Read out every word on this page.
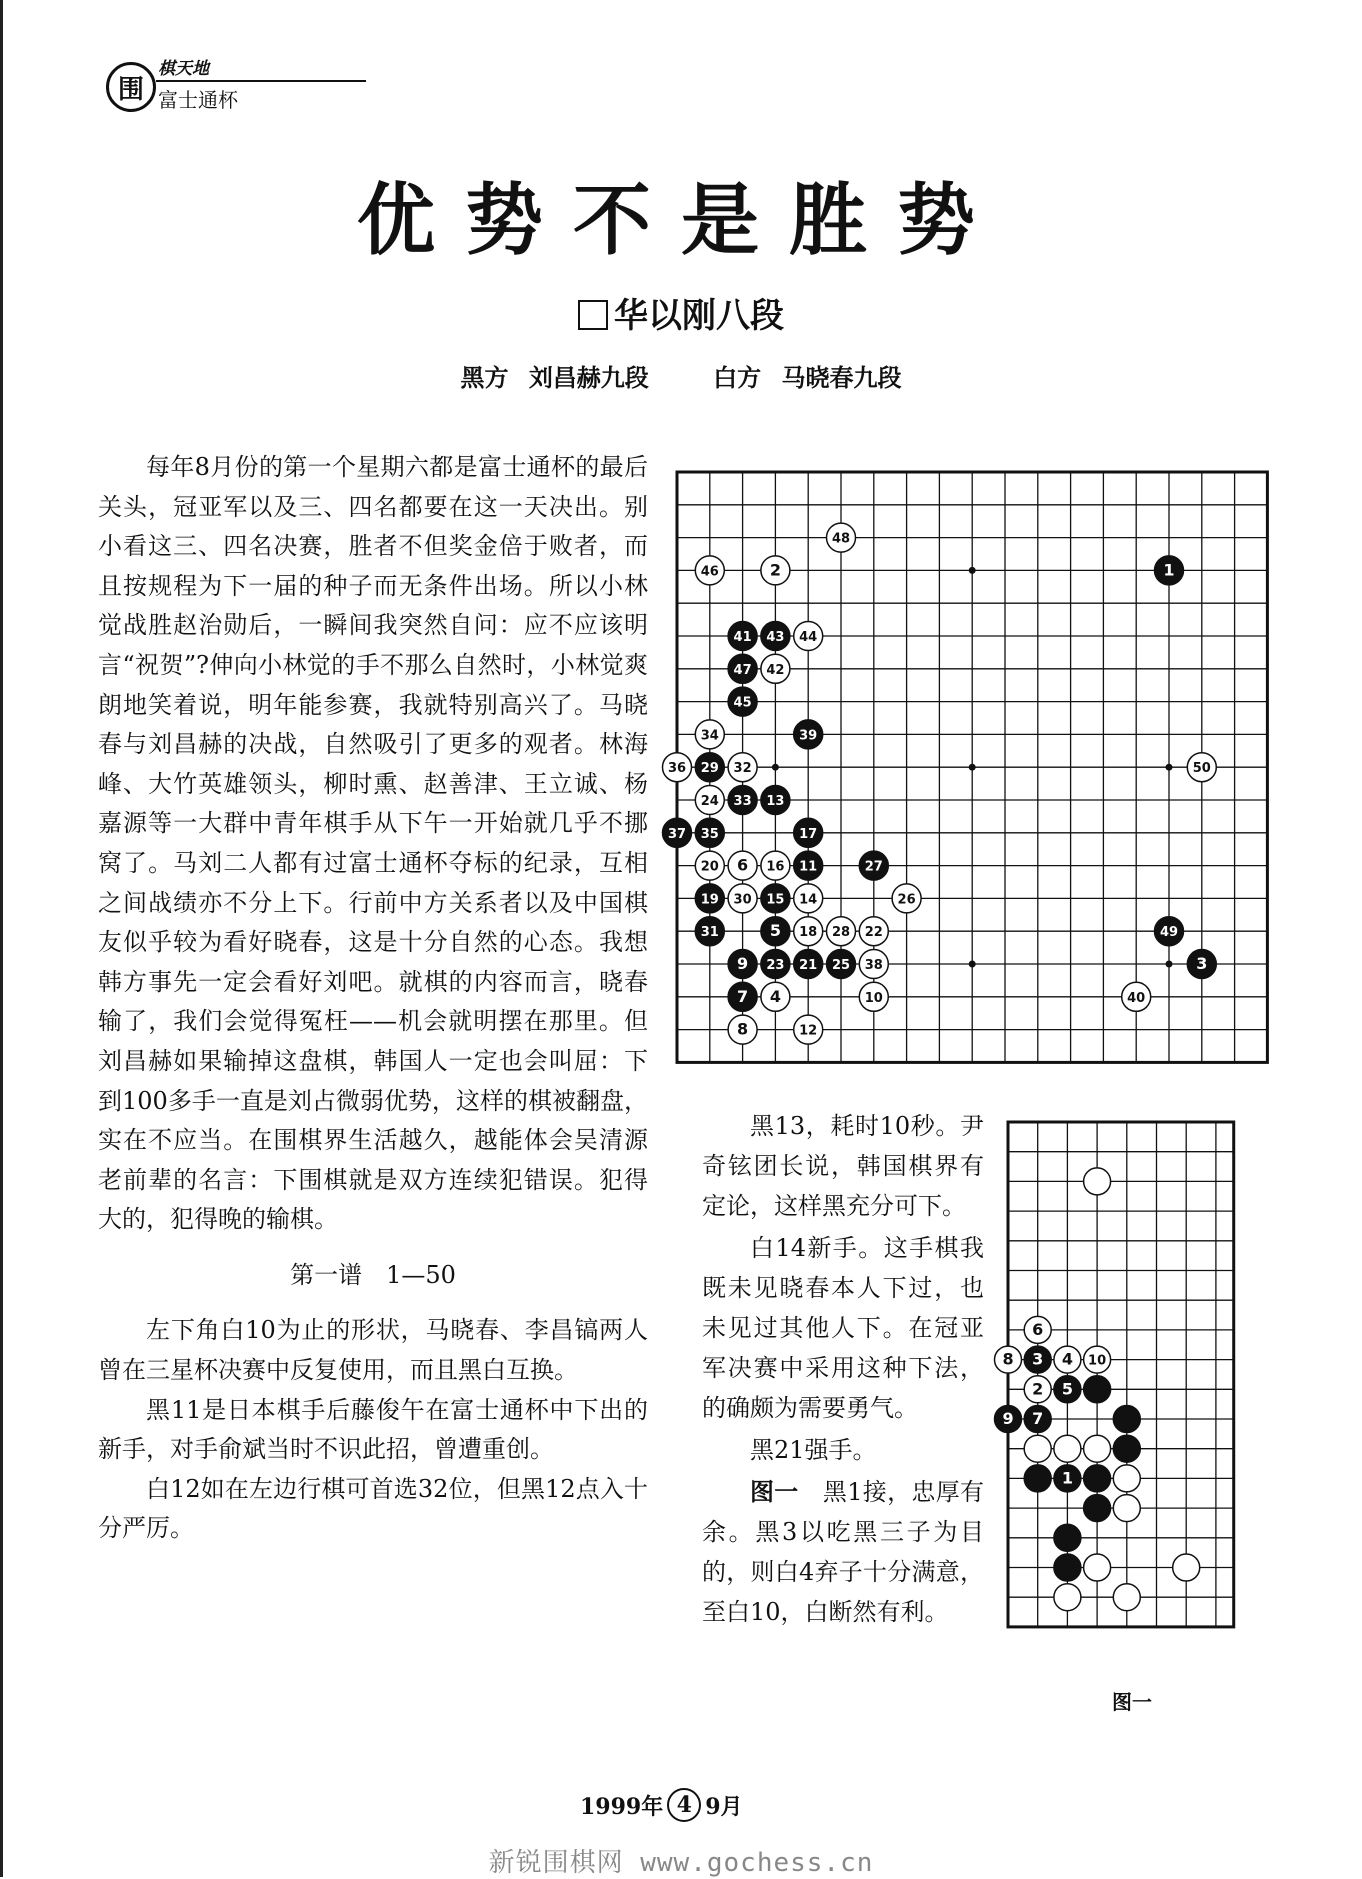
围
棋天地
富士通杯
优势不是胜势
华以刚八段
黑方 刘昌赫九段	白方 马晓春九段

每年8月份的第一个星期六都是富士通杯的最后关头，冠亚军以及三、四名都要在这一天决出。别小看这三、四名决赛，胜者不但奖金倍于败者，而且按规程为下一届的种子而无条件出场。所以小林觉战胜赵治勋后，一瞬间我突然自问：应不应该明言“祝贺”?伸向小林觉的手不那么自然时，小林觉爽朗地笑着说，明年能参赛，我就特别高兴了。马晓春与刘昌赫的决战，自然吸引了更多的观者。林海峰、大竹英雄领头，柳时熏、赵善津、王立诚、杨嘉源等一大群中青年棋手从下午一开始就几乎不挪窝了。马刘二人都有过富士通杯夺标的纪录，互相之间战绩亦不分上下。行前中方关系者以及中国棋友似乎较为看好晓春，这是十分自然的心态。我想韩方事先一定会看好刘吧。就棋的内容而言，晓春输了，我们会觉得冤枉——机会就明摆在那里。但刘昌赫如果输掉这盘棋，韩国人一定也会叫屈：下到100多手一直是刘占微弱优势，这样的棋被翻盘，实在不应当。在围棋界生活越久，越能体会吴清源老前辈的名言：下围棋就是双方连续犯错误。犯得大的，犯得晚的输棋。

第一谱　1—50

左下角白10为止的形状，马晓春、李昌镐两人曾在三星杯决赛中反复使用，而且黑白互换。

黑11是日本棋手后藤俊午在富士通杯中下出的新手，对手俞斌当时不识此招，曾遭重创。

白12如在左边行棋可首选32位，但黑12点入十分严厉。

1
2
3
4
5
6
7
8
9
10
11
12
13
14
15
16
17
18
19
20
21
22
23
24
25
26
27
28
29
30
31
32
33
34
35
36
37
38
39
40
41
42
43 44
45
46
47
48
49
50

黑13，耗时10秒。尹奇铉团长说，韩国棋界有定论，这样黑充分可下。

白14新手。这手棋我既未见晓春本人下过，也未见过其他人下。在冠亚军决赛中采用这种下法，的确颇为需要勇气。

黑21强手。

图一　黑1接，忠厚有余。黑3以吃黑三子为目的，则白4弃子十分满意，至白10，白断然有利。

6
8 3 4 10
2 5
9 7
1
图一
1999年 4 9月
新锐围棋网 www.gochess.cn
